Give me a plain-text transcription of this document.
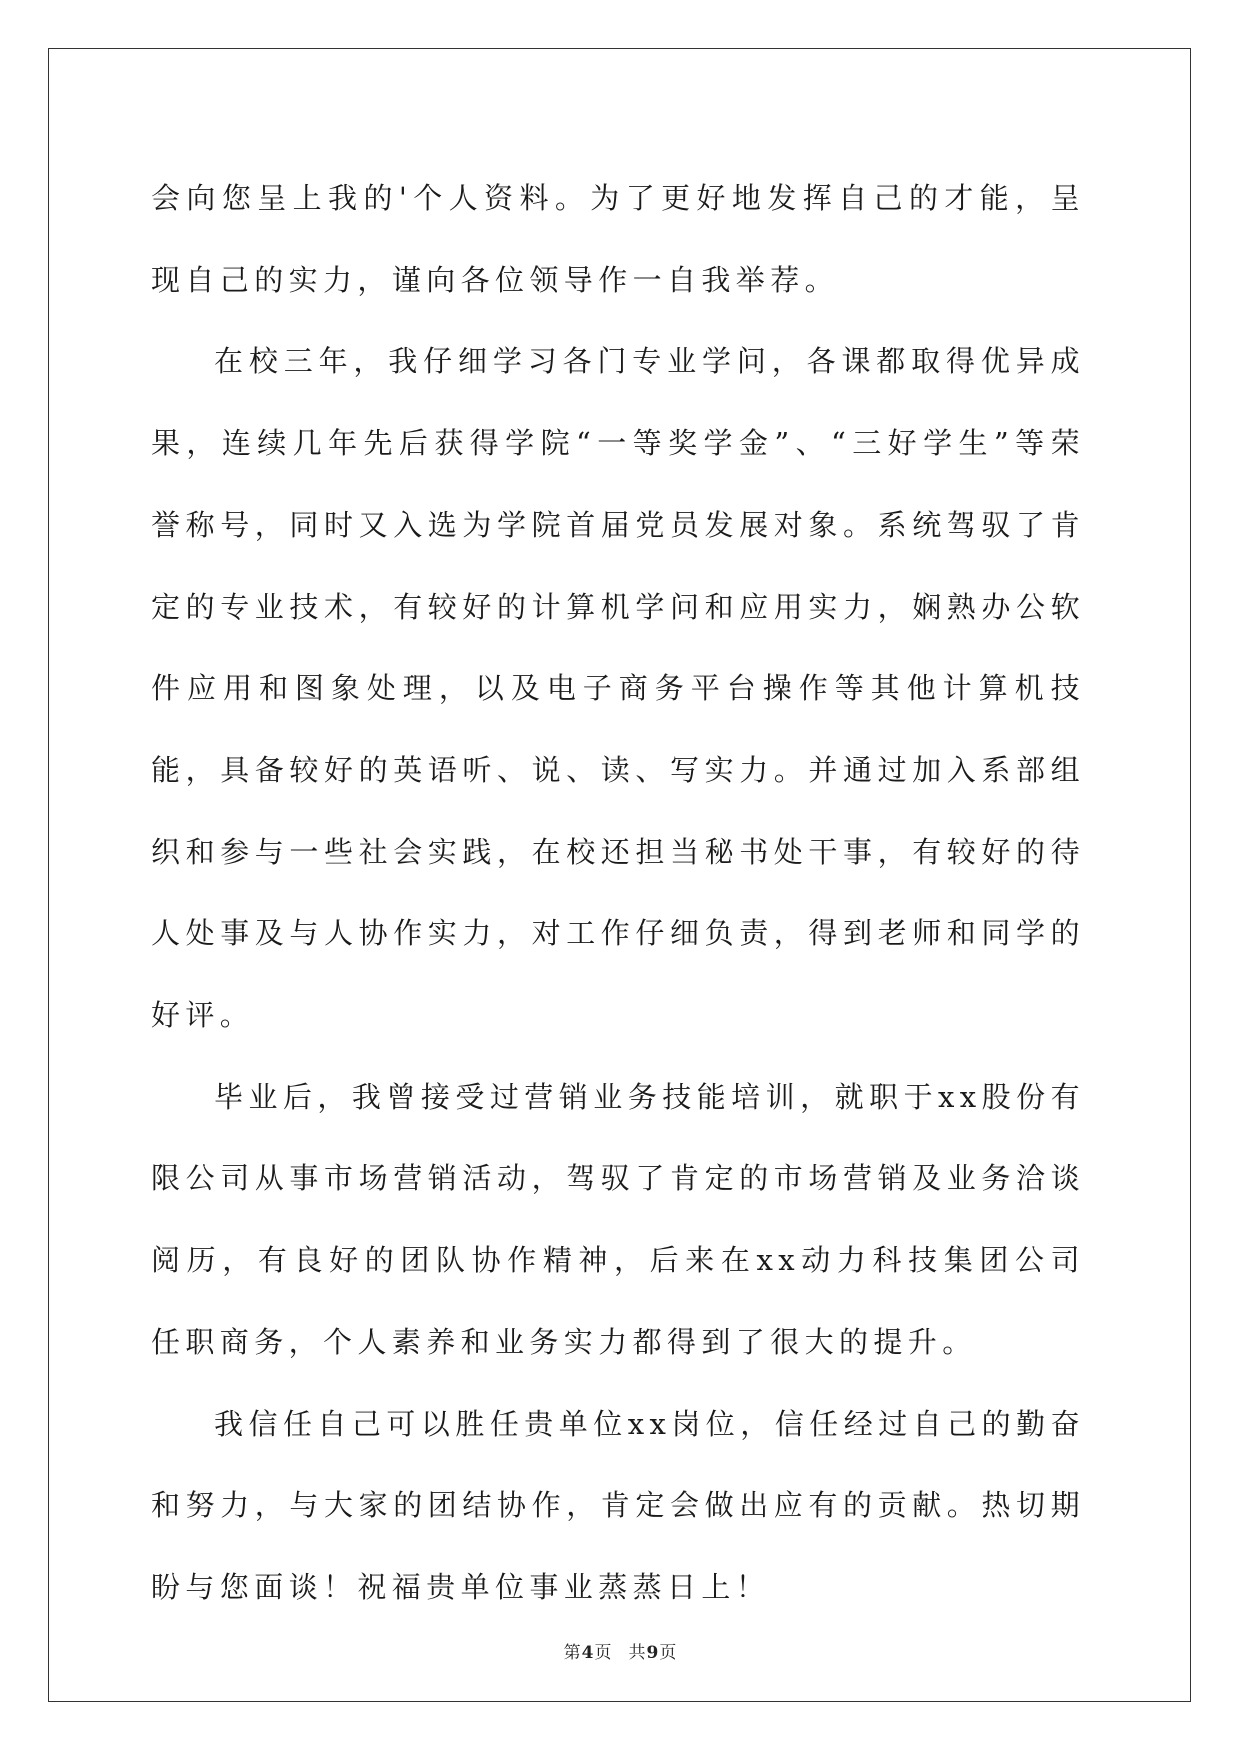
会向您呈上我的'个人资料。为了更好地发挥自己的才能，呈现自己的实力，谨向各位领导作一自我举荐。

在校三年，我仔细学习各门专业学问，各课都取得优异成果，连续几年先后获得学院“一等奖学金”、“三好学生”等荣誉称号，同时又入选为学院首届党员发展对象。系统驾驭了肯定的专业技术，有较好的计算机学问和应用实力，娴熟办公软件应用和图象处理，以及电子商务平台操作等其他计算机技能，具备较好的英语听、说、读、写实力。并通过加入系部组织和参与一些社会实践，在校还担当秘书处干事，有较好的待人处事及与人协作实力，对工作仔细负责，得到老师和同学的好评。

毕业后，我曾接受过营销业务技能培训，就职于xx股份有限公司从事市场营销活动，驾驭了肯定的市场营销及业务洽谈阅历，有良好的团队协作精神，后来在xx动力科技集团公司任职商务，个人素养和业务实力都得到了很大的提升。

我信任自己可以胜任贵单位xx岗位，信任经过自己的勤奋和努力，与大家的团结协作，肯定会做出应有的贡献。热切期盼与您面谈！祝福贵单位事业蒸蒸日上！

第4页 共9页
